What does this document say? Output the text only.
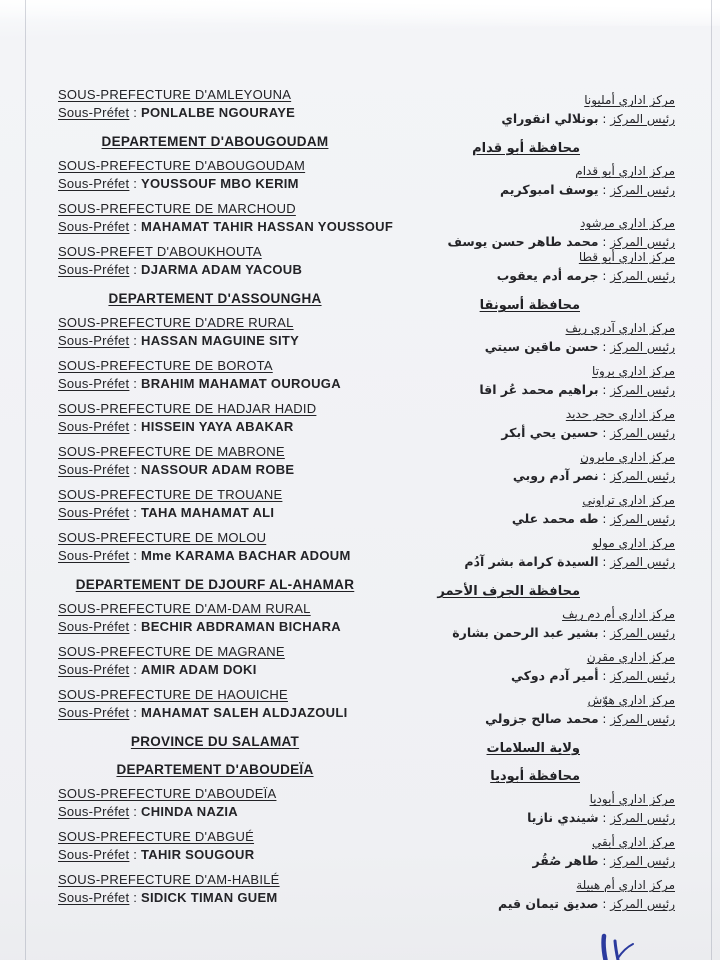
SOUS-PREFECTURE D'AMLEYOUNA
Sous-Préfet : PONLALBE NGOURAYE
مركز اداري أمليونا
رئيس المركز : بونلالي انقوراي
DEPARTEMENT D'ABOUGOUDAM	محافظة أبو قدام
SOUS-PREFECTURE D'ABOUGOUDAM
Sous-Préfet : YOUSSOUF MBO KERIM
مركز اداري أبو قدام
رئيس المركز : يوسف امبوكريم
SOUS-PREFECTURE DE MARCHOUD
Sous-Préfet : MAHAMAT TAHIR HASSAN YOUSSOUF	مركز اداري مرشود
رئيس المركز : محمد طاهر حسن يوسف
SOUS-PREFET D'ABOUKHOUTA
Sous-Préfet : DJARMA ADAM YACOUB
مركز اداري أبو قطا
رئيس المركز : جرمه أدم يعقوب
DEPARTEMENT D'ASSOUNGHA	محافظة أسونقا
SOUS-PREFECTURE D'ADRE RURAL
Sous-Préfet : HASSAN MAGUINE SITY
مركز اداري آدري ريف
رئيس المركز : حسن ماقين سيتي
SOUS-PREFECTURE DE BOROTA
Sous-Préfet : BRAHIM MAHAMAT OUROUGA
مركز اداري بروتا
رئيس المركز : براهيم محمد عُر اقا
SOUS-PREFECTURE DE HADJAR HADID
Sous-Préfet : HISSEIN YAYA ABAKAR
مركز اداري حجر حديد
رئيس المركز : حسين يحي أبكر
SOUS-PREFECTURE DE MABRONE
Sous-Préfet : NASSOUR ADAM ROBE
مركز اداري مابرون
رئيس المركز : نصر آدم روبي
SOUS-PREFECTURE DE TROUANE
Sous-Préfet : TAHA MAHAMAT ALI
مركز اداري تراوني
رئيس المركز : طه محمد علي
SOUS-PREFECTURE DE MOLOU
Sous-Préfet : Mme KARAMA BACHAR ADOUM
مركز اداري مولو
رئيس المركز : السيدة كرامة بشر آدُم
DEPARTEMENT DE DJOURF AL-AHAMAR	محافظة الجرف الأحمر
SOUS-PREFECTURE D'AM-DAM RURAL
Sous-Préfet : BECHIR ABDRAMAN BICHARA
مركز اداري أم دم ريف
رئيس المركز : بشير عبد الرحمن بشارة
SOUS-PREFECTURE DE MAGRANE
Sous-Préfet : AMIR ADAM DOKI
مركز اداري مقرن
رئيس المركز : أمير آدم دوكي
SOUS-PREFECTURE DE HAOUICHE
Sous-Préfet : MAHAMAT SALEH ALDJAZOULI
مركز اداري هوّش
رئيس المركز : محمد صالح جزولي
PROVINCE DU SALAMAT	ولاية السلامات
DEPARTEMENT D'ABOUDEÏA	محافظة أبوديا
SOUS-PREFECTURE D'ABOUDEÏA
Sous-Préfet : CHINDA NAZIA
مركز اداري أبوديا
رئيس المركز : شيندي نازيا
SOUS-PREFECTURE D'ABGUÉ
Sous-Préfet : TAHIR SOUGOUR
مركز اداري أبقي
رئيس المركز : طاهر صُقُر
SOUS-PREFECTURE D'AM-HABILÉ
Sous-Préfet : SIDICK TIMAN GUEM
مركز اداري أم هبيلة
رئيس المركز : صديق تيمان قيم
